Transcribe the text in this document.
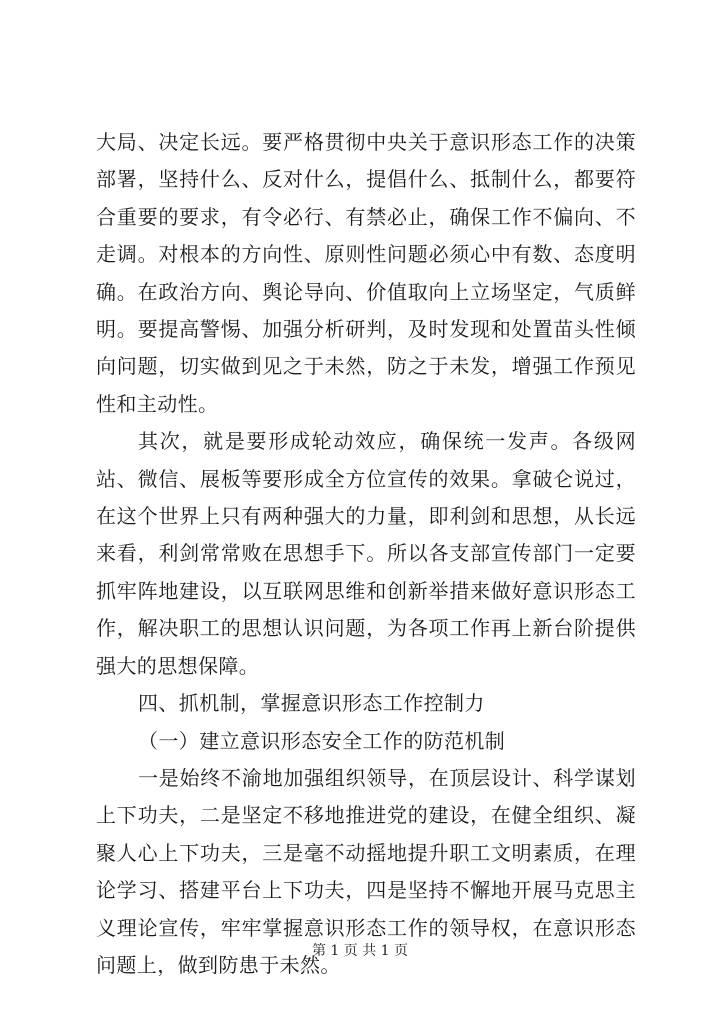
大局、决定长远。要严格贯彻中央关于意识形态工作的决策部署，坚持什么、反对什么，提倡什么、抵制什么，都要符合重要的要求，有令必行、有禁必止，确保工作不偏向、不走调。对根本的方向性、原则性问题必须心中有数、态度明确。在政治方向、舆论导向、价值取向上立场坚定，气质鲜明。要提高警惕、加强分析研判，及时发现和处置苗头性倾向问题，切实做到见之于未然，防之于未发，增强工作预见性和主动性。

其次，就是要形成轮动效应，确保统一发声。各级网站、微信、展板等要形成全方位宣传的效果。拿破仑说过，在这个世界上只有两种强大的力量，即利剑和思想，从长远来看，利剑常常败在思想手下。所以各支部宣传部门一定要抓牢阵地建设，以互联网思维和创新举措来做好意识形态工作，解决职工的思想认识问题，为各项工作再上新台阶提供强大的思想保障。

四、抓机制，掌握意识形态工作控制力

（一）建立意识形态安全工作的防范机制

一是始终不渝地加强组织领导，在顶层设计、科学谋划上下功夫，二是坚定不移地推进党的建设，在健全组织、凝聚人心上下功夫，三是毫不动摇地提升职工文明素质，在理论学习、搭建平台上下功夫，四是坚持不懈地开展马克思主义理论宣传，牢牢掌握意识形态工作的领导权，在意识形态问题上，做到防患于未然。

第 1 页 共 1 页
